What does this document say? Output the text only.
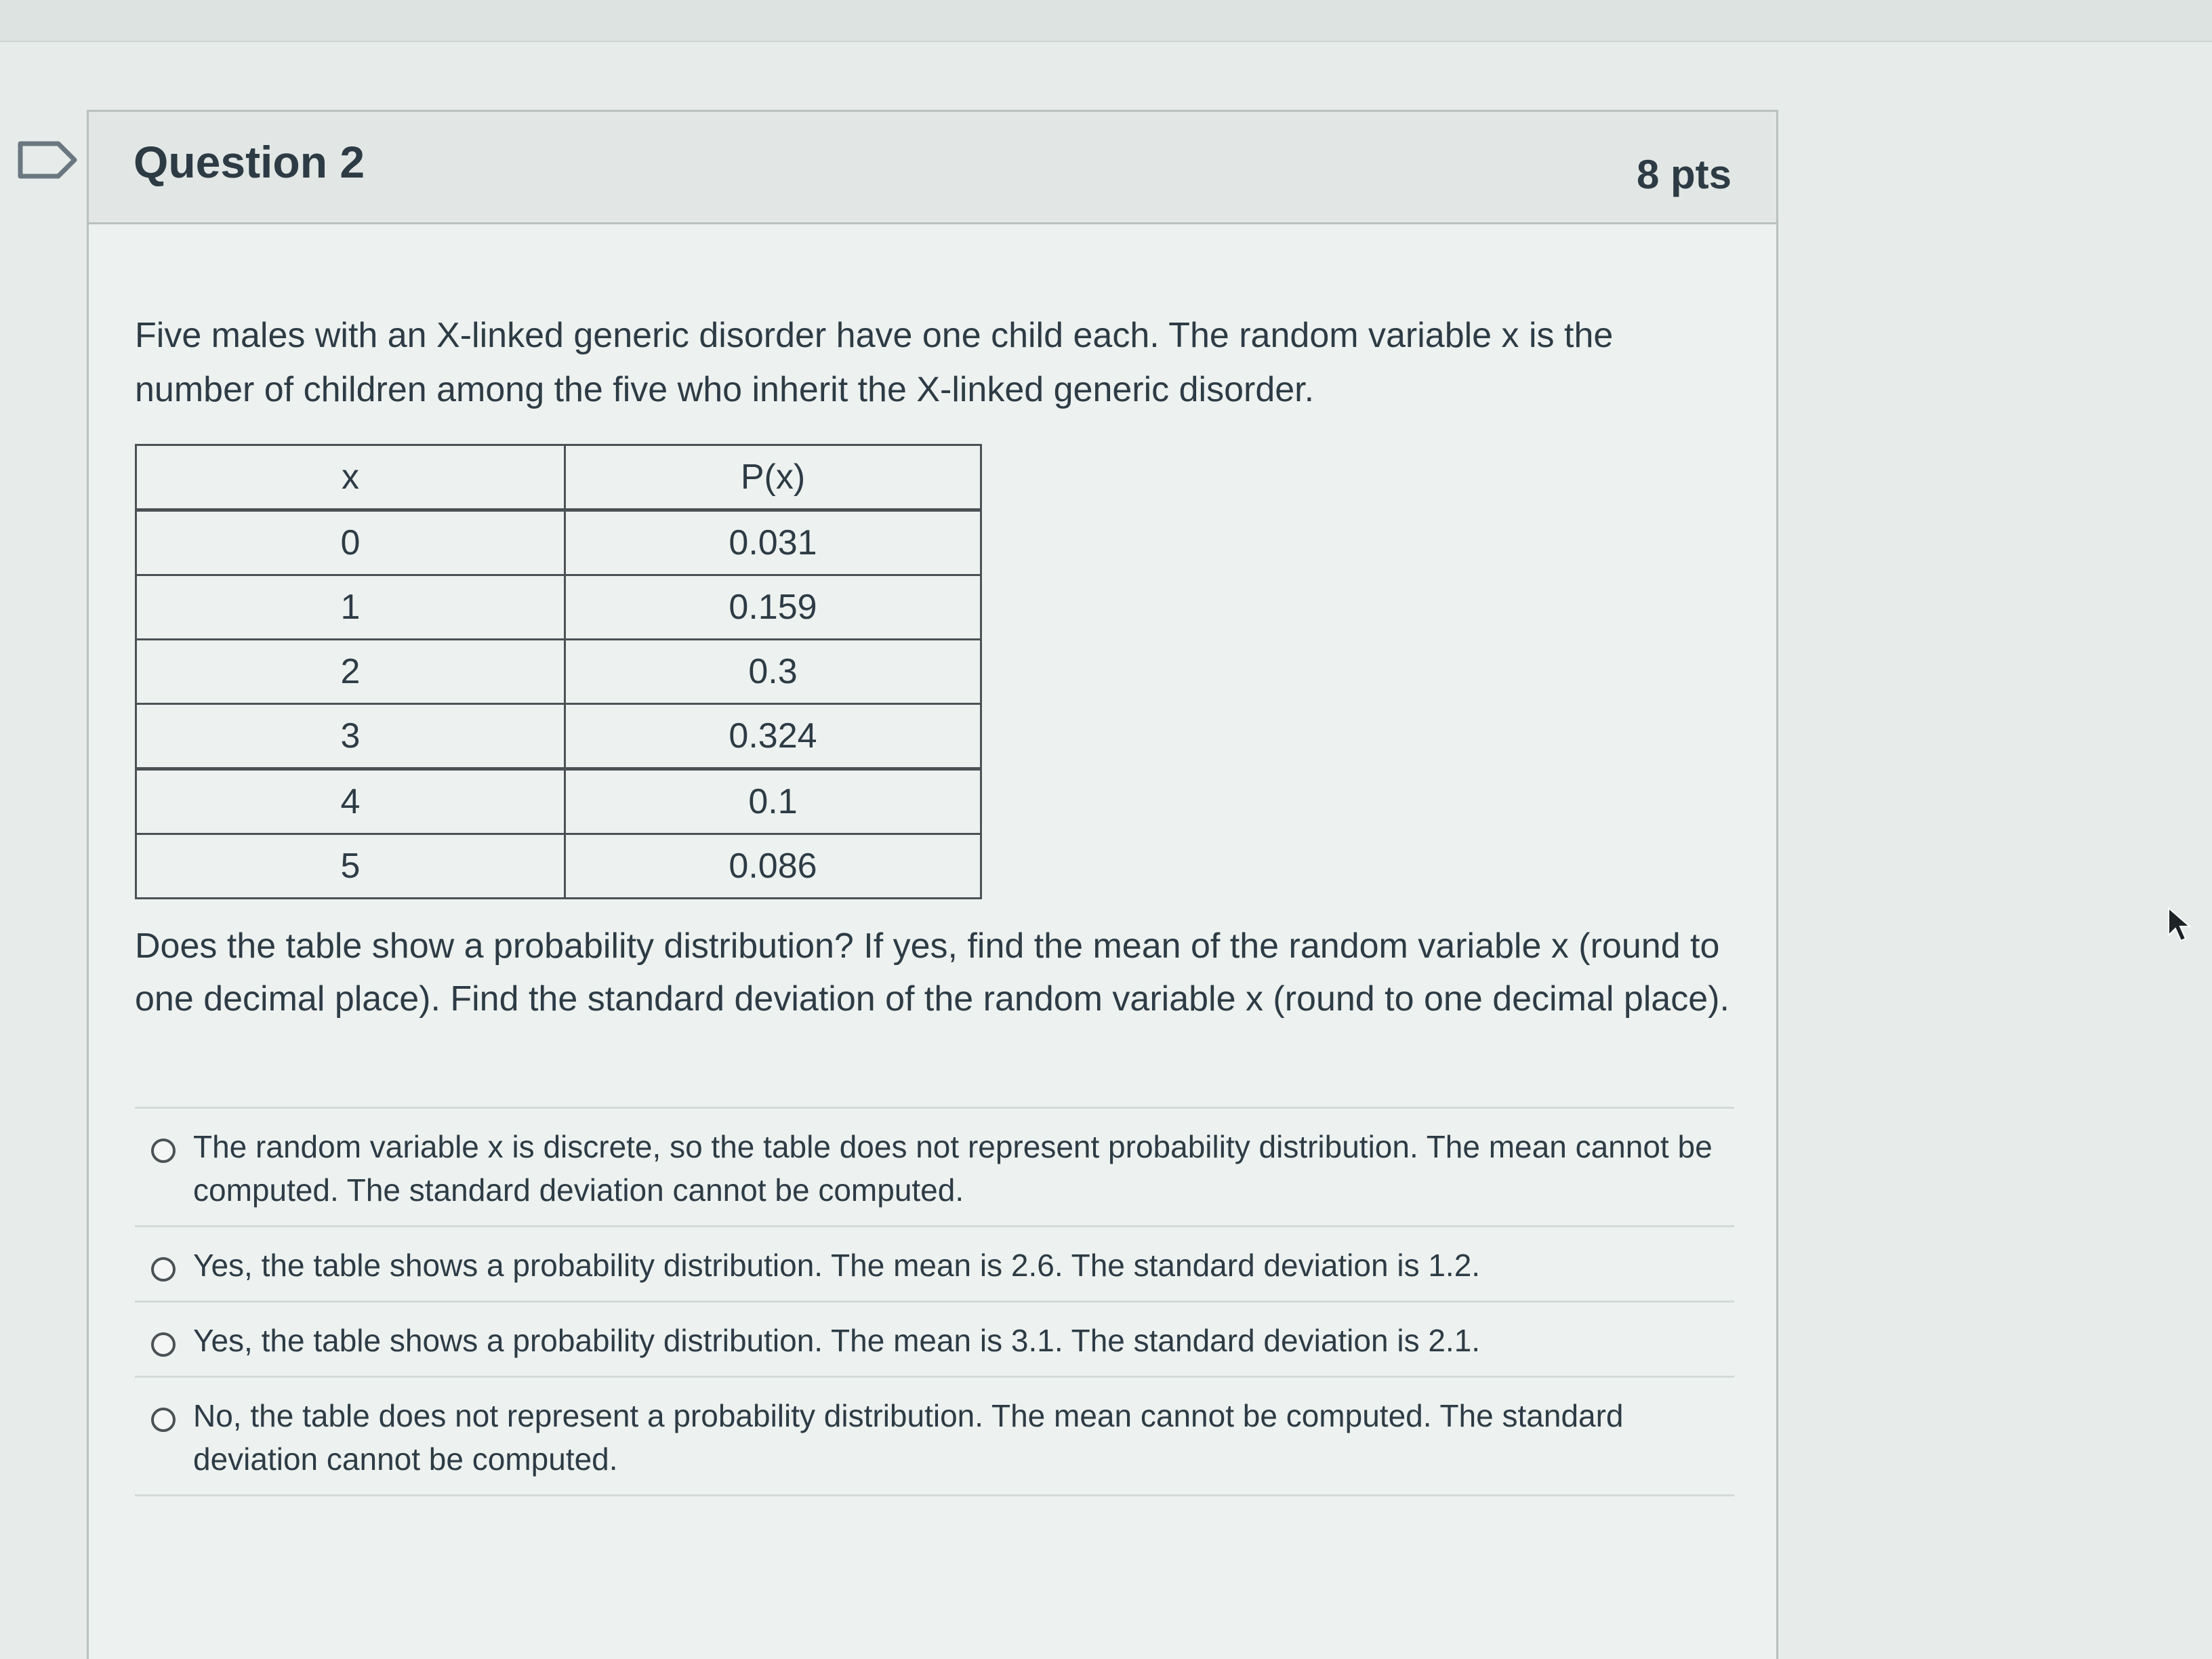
Question 2	8 pts

Five males with an X-linked generic disorder have one child each. The random variable x is the number of children among the five who inherit the X-linked generic disorder.

x	P(x)
0	0.031
1	0.159
2	0.3
3	0.324
4	0.1
5	0.086

Does the table show a probability distribution? If yes, find the mean of the random variable x (round to one decimal place). Find the standard deviation of the random variable x (round to one decimal place).

The random variable x is discrete, so the table does not represent probability distribution. The mean cannot be computed. The standard deviation cannot be computed.
Yes, the table shows a probability distribution. The mean is 2.6. The standard deviation is 1.2.
Yes, the table shows a probability distribution. The mean is 3.1. The standard deviation is 2.1.
No, the table does not represent a probability distribution. The mean cannot be computed. The standard deviation cannot be computed.
